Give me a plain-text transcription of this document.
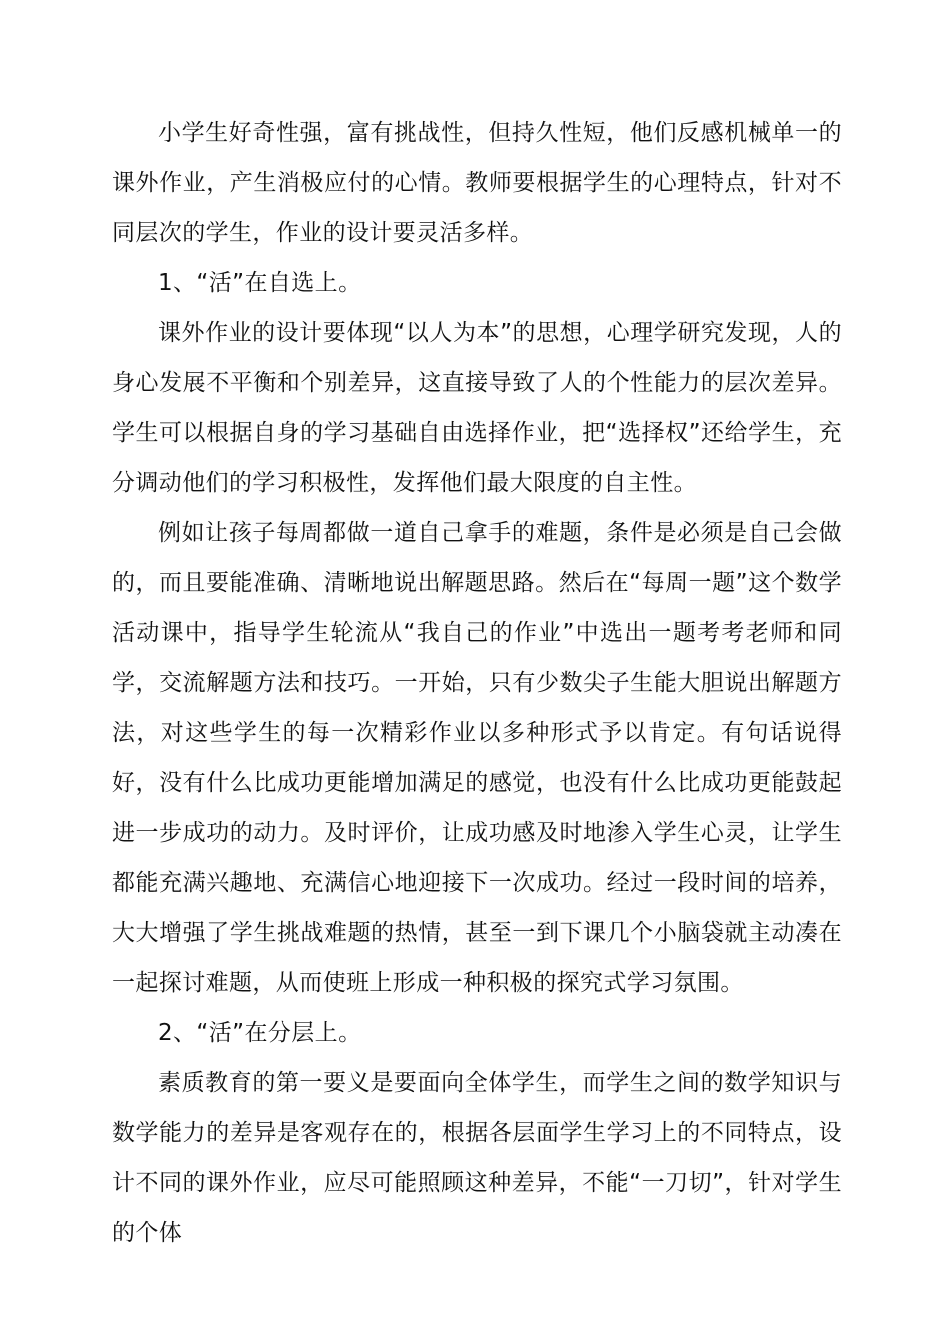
小学生好奇性强，富有挑战性，但持久性短，他们反感机械单一的课外作业，产生消极应付的心情。教师要根据学生的心理特点，针对不同层次的学生，作业的设计要灵活多样。

1、“活”在自选上。

课外作业的设计要体现“以人为本”的思想，心理学研究发现，人的身心发展不平衡和个别差异，这直接导致了人的个性能力的层次差异。学生可以根据自身的学习基础自由选择作业，把“选择权”还给学生，充分调动他们的学习积极性，发挥他们最大限度的自主性。

例如让孩子每周都做一道自己拿手的难题，条件是必须是自己会做的，而且要能准确、清晰地说出解题思路。然后在“每周一题”这个数学活动课中，指导学生轮流从“我自己的作业”中选出一题考考老师和同学，交流解题方法和技巧。一开始，只有少数尖子生能大胆说出解题方法，对这些学生的每一次精彩作业以多种形式予以肯定。有句话说得好，没有什么比成功更能增加满足的感觉，也没有什么比成功更能鼓起进一步成功的动力。及时评价，让成功感及时地渗入学生心灵，让学生都能充满兴趣地、充满信心地迎接下一次成功。经过一段时间的培养，大大增强了学生挑战难题的热情，甚至一到下课几个小脑袋就主动凑在一起探讨难题，从而使班上形成一种积极的探究式学习氛围。

2、“活”在分层上。

素质教育的第一要义是要面向全体学生，而学生之间的数学知识与数学能力的差异是客观存在的，根据各层面学生学习上的不同特点，设计不同的课外作业，应尽可能照顾这种差异，不能“一刀切”，针对学生的个体
